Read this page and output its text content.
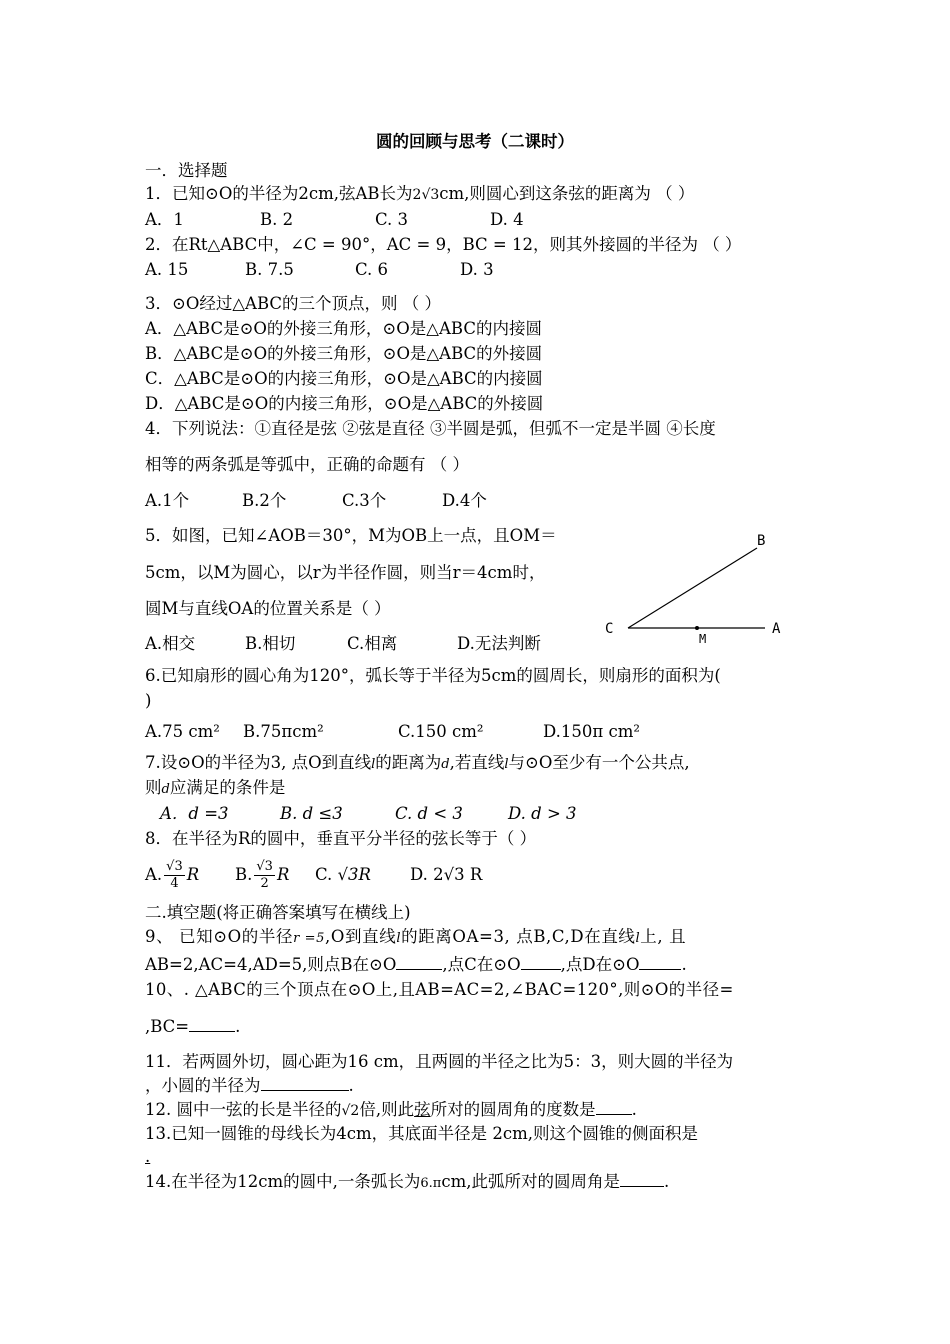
圆的回顾与思考（二课时）
一．选择题
1．已知⊙O的半径为2cm,弦AB长为2√3cm,则圆心到这条弦的距离为 （ ）
A．1	B. 2	C. 3	D. 4
2．在Rt△ABC中，∠C = 90°，AC = 9，BC = 12，则其外接圆的半径为 （ ）
A. 15	B. 7.5	C. 6	D. 3
3．⊙O经过△ABC的三个顶点，则 （ ）
A．△ABC是⊙O的外接三角形，⊙O是△ABC的内接圆
B．△ABC是⊙O的外接三角形，⊙O是△ABC的外接圆
C．△ABC是⊙O的内接三角形，⊙O是△ABC的内接圆
D．△ABC是⊙O的内接三角形，⊙O是△ABC的外接圆
4．下列说法：①直径是弦 ②弦是直径 ③半圆是弧，但弧不一定是半圆 ④长度
相等的两条弧是等弧中，正确的命题有 （ ）
A.1个	B.2个	C.3个	D.4个
5．如图，已知∠AOB＝30°，M为OB上一点，且OM＝
5cm，以M为圆心，以r为半径作圆，则当r＝4cm时，
圆M与直线OA的位置关系是（ ）
A.相交	B.相切	C.相离	D.无法判断
B
C
M
A
6.已知扇形的圆心角为120°，弧长等于半径为5cm的圆周长，则扇形的面积为(
)
A.75 cm² B.75πcm²	C.150 cm²	D.150π cm²
7.设⊙O的半径为3, 点O到直线l的距离为d,若直线l与⊙O至少有一个公共点,
则d应满足的条件是
A．d =3	B. d ≤3	C. d < 3	D. d > 3
8．在半径为R的圆中，垂直平分半径的弦长等于（ ）
A. $\frac{√3}{4}$ R B. $\frac{√3}{2}$ R C. √3R D. 2√3 R
二.填空题(将正确答案填写在横线上)
9、 已知⊙O的半径r =5,O到直线l的距离OA=3, 点B,C,D在直线l上, 且
AB=2,AC=4,AD=5,则点B在⊙O	,点C在⊙O ,点D在⊙O	.
10、. △ABC的三个顶点在⊙O上,且AB=AC=2,∠BAC=120°,则⊙O的半径=
,BC=	.
11．若两圆外切，圆心距为16 cm，且两圆的半径之比为5：3，则大圆的半径为
，小圆的半径为	.
12. 圆中一弦的长是半径的√2倍,则此弦所对的圆周角的度数是 .
13.已知一圆锥的母线长为4cm，其底面半径是 2cm,则这个圆锥的侧面积是
.
14.在半径为12cm的圆中,一条弧长为6.πcm,此弧所对的圆周角是	.
